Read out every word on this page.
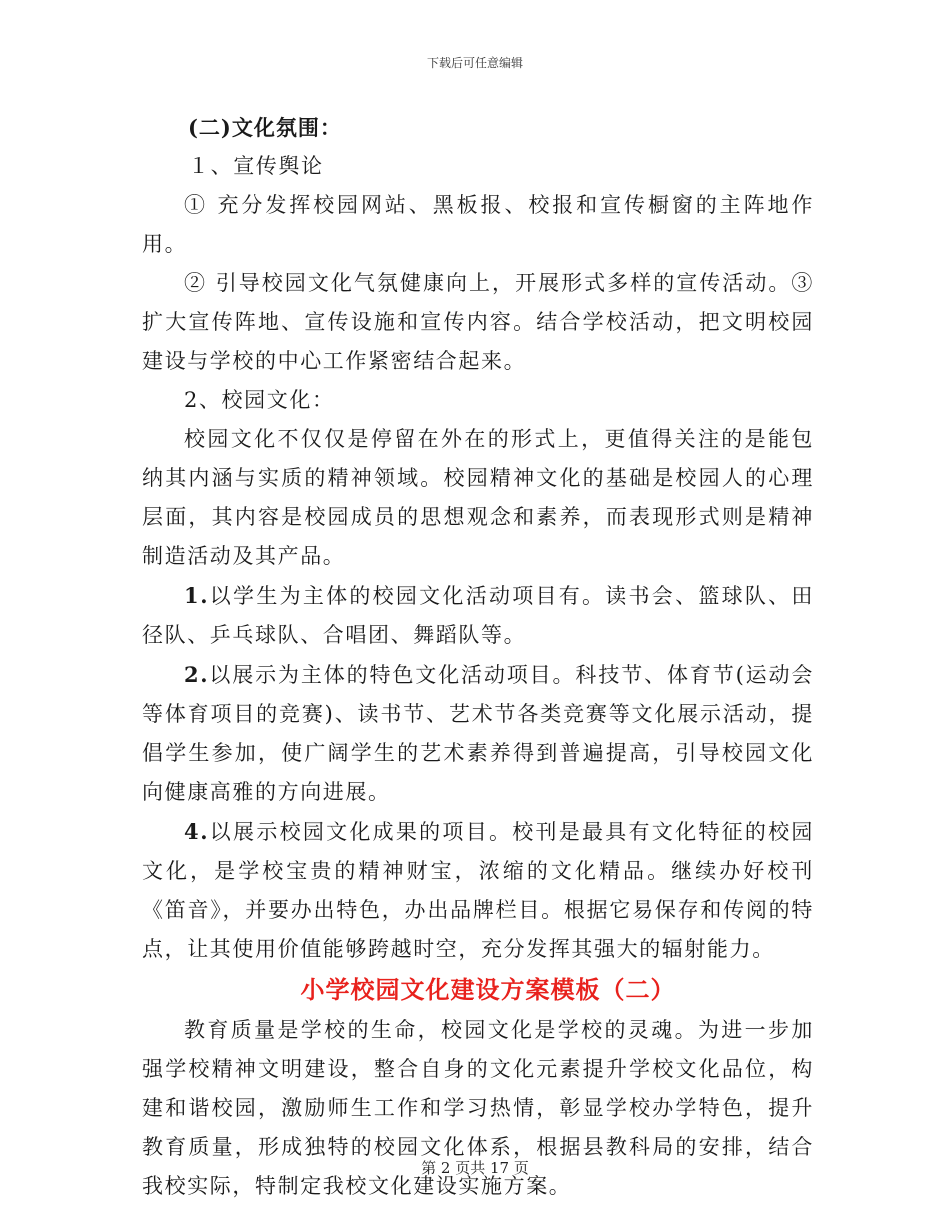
下载后可任意编辑
(二)文化氛围：
１、宣传舆论
① 充分发挥校园网站、黑板报、校报和宣传橱窗的主阵地作用。
② 引导校园文化气氛健康向上，开展形式多样的宣传活动。③扩大宣传阵地、宣传设施和宣传内容。结合学校活动，把文明校园建设与学校的中心工作紧密结合起来。
2、校园文化：
校园文化不仅仅是停留在外在的形式上，更值得关注的是能包纳其内涵与实质的精神领域。校园精神文化的基础是校园人的心理层面，其内容是校园成员的思想观念和素养，而表现形式则是精神制造活动及其产品。
1.以学生为主体的校园文化活动项目有。读书会、篮球队、田径队、乒乓球队、合唱团、舞蹈队等。
2.以展示为主体的特色文化活动项目。科技节、体育节(运动会等体育项目的竞赛)、读书节、艺术节各类竞赛等文化展示活动，提倡学生参加，使广阔学生的艺术素养得到普遍提高，引导校园文化向健康高雅的方向进展。
4.以展示校园文化成果的项目。校刊是最具有文化特征的校园文化，是学校宝贵的精神财宝，浓缩的文化精品。继续办好校刊《笛音》，并要办出特色，办出品牌栏目。根据它易保存和传阅的特点，让其使用价值能够跨越时空，充分发挥其强大的辐射能力。
小学校园文化建设方案模板（二）
教育质量是学校的生命，校园文化是学校的灵魂。为进一步加强学校精神文明建设，整合自身的文化元素提升学校文化品位，构建和谐校园，激励师生工作和学习热情，彰显学校办学特色，提升教育质量，形成独特的校园文化体系，根据县教科局的安排，结合我校实际，特制定我校文化建设实施方案。
第 2 页共 17 页
